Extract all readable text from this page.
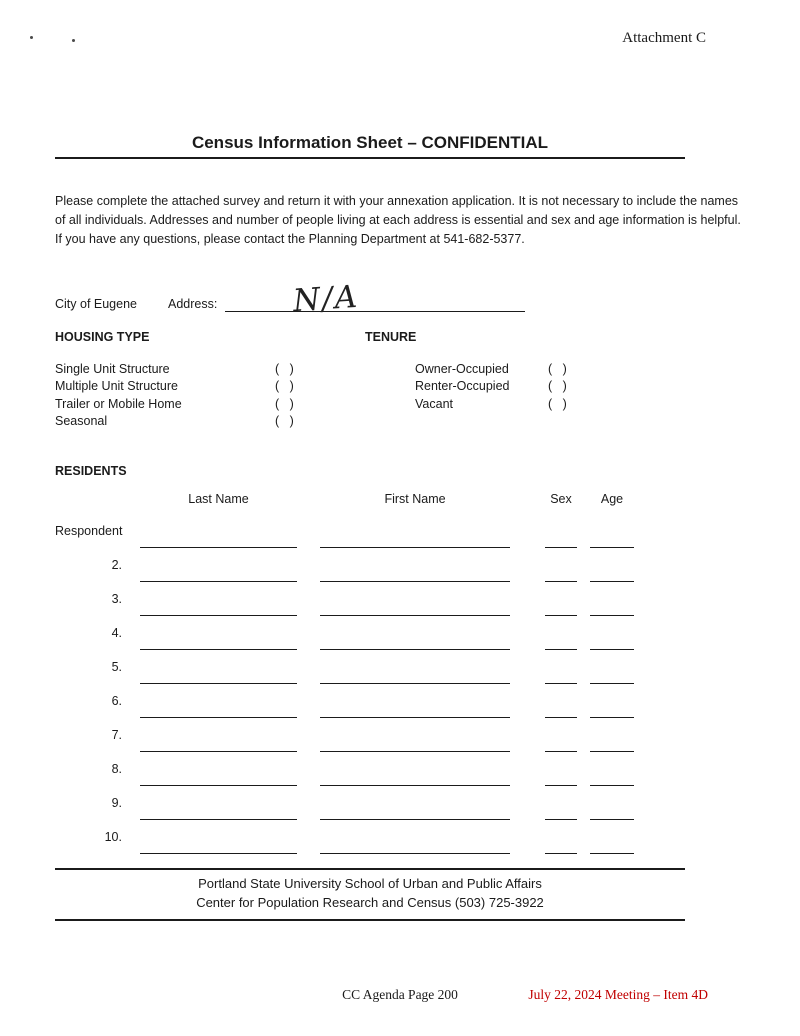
Attachment C
Census Information Sheet – CONFIDENTIAL

Please complete the attached survey and return it with your annexation application. It is not necessary to include the names of all individuals. Addresses and number of people living at each address is essential and sex and age information is helpful. If you have any questions, please contact the Planning Department at 541-682-5377.

City of Eugene	Address: N/A
HOUSING TYPE	TENURE
Single Unit Structure	(   )	Owner-Occupied	(   )
Multiple Unit Structure	(   )	Renter-Occupied	(   )
Trailer or Mobile Home	(   )	Vacant	(   )
Seasonal	(   )
RESIDENTS
Last Name	First Name	Sex	Age
Respondent
2.
3.
4.
5.
6.
7.
8.
9.
10.
Portland State University School of Urban and Public Affairs
Center for Population Research and Census (503) 725-3922
CC Agenda Page 200	July 22, 2024 Meeting – Item 4D
